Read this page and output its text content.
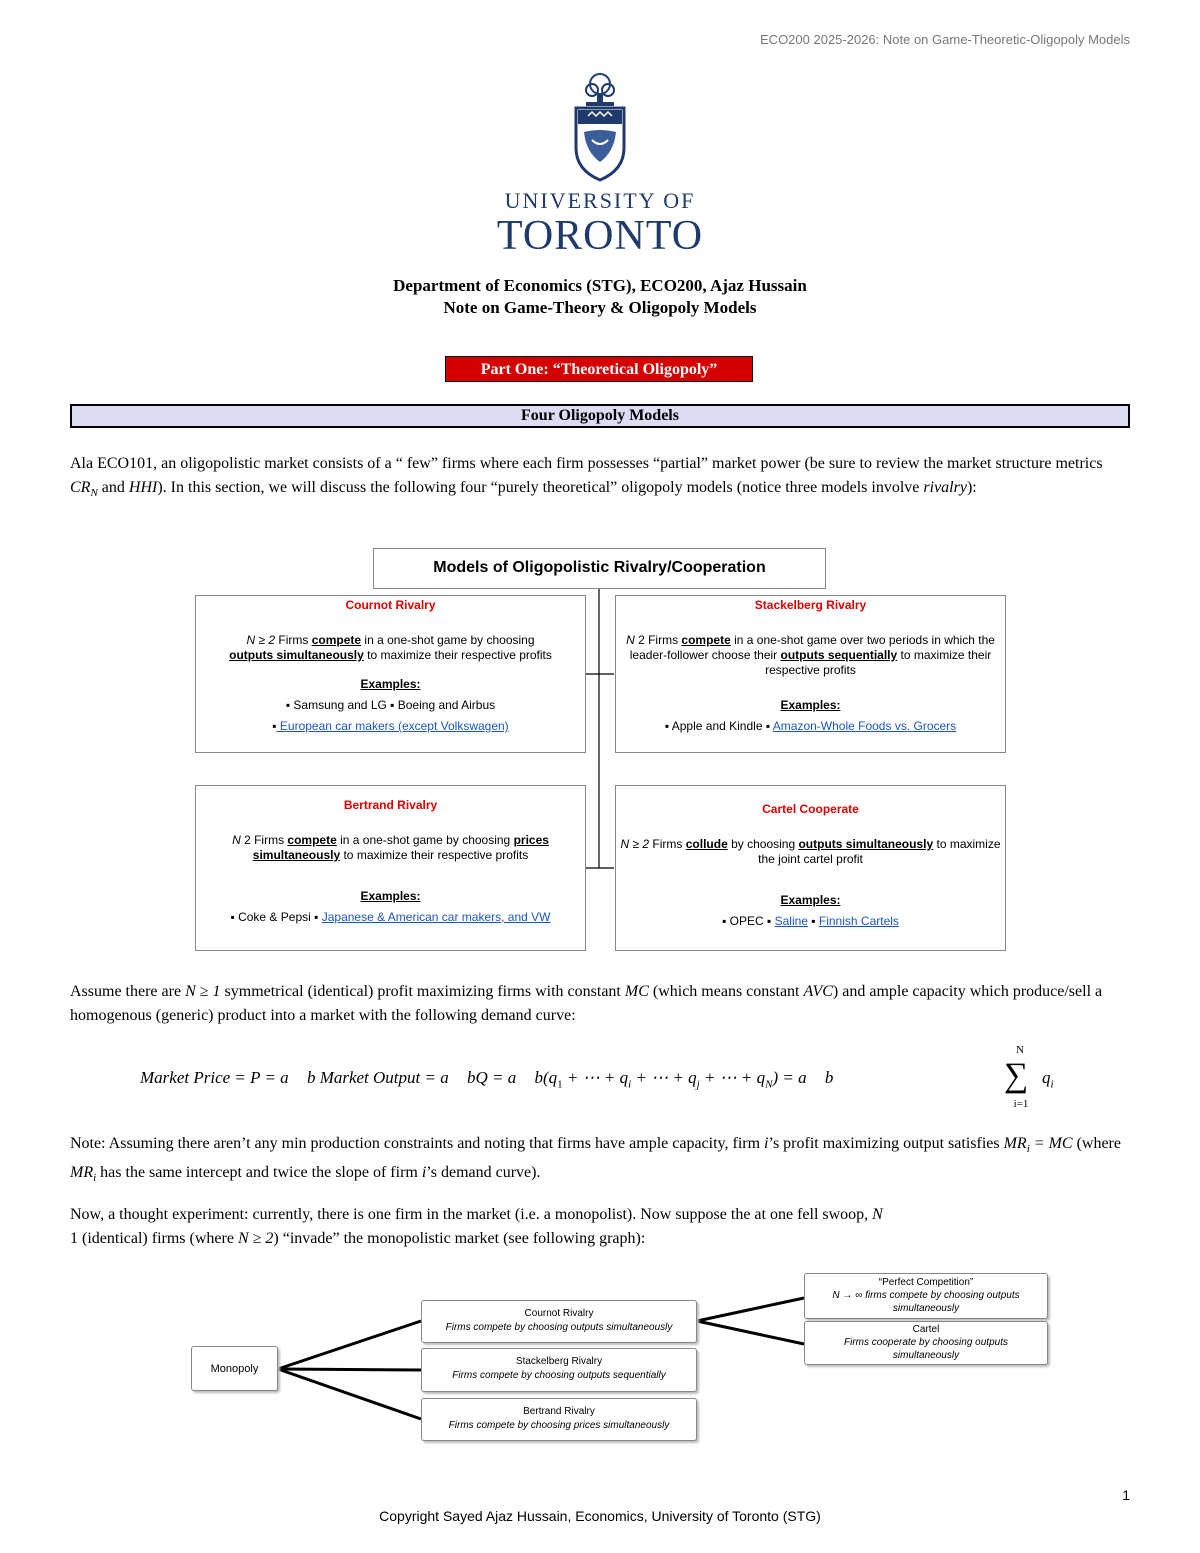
ECO200 2025-2026: Note on Game-Theoretic-Oligopoly Models
UNIVERSITY OF
TORONTO
Department of Economics (STG), ECO200, Ajaz Hussain
Note on Game-Theory & Oligopoly Models
Part One: “Theoretical Oligopoly”
Four Oligopoly Models
Ala ECO101, an oligopolistic market consists of a “ few” firms where each firm possesses “partial” market power (be sure to review the market structure metrics $CR_N$ and HHI). In this section, we will discuss the following four “purely theoretical” oligopoly models (notice three models involve rivalry):
Models of Oligopolistic Rivalry/Cooperation

Cournot Rivalry

N ≥ 2 Firms compete in a one-shot game by choosing

outputs simultaneously to maximize their respective profits

Examples:

▪ Samsung and LG ▪ Boeing and Airbus

▪ European car makers (except Volkswagen)

Stackelberg Rivalry

N 2 Firms compete in a one-shot game over two periods in which the leader-follower choose their outputs sequentially to maximize their respective profits

Examples:

▪ Apple and Kindle ▪ Amazon-Whole Foods vs. Grocers

Bertrand Rivalry

N 2 Firms compete in a one-shot game by choosing prices simultaneously to maximize their respective profits

Examples:

▪ Coke & Pepsi ▪ Japanese & American car makers, and VW

Cartel Cooperate

N ≥ 2 Firms collude by choosing outputs simultaneously to maximize the joint cartel profit

Examples:

▪ OPEC ▪ Saline ▪ Finnish Cartels

Assume there are N ≥ 1 symmetrical (identical) profit maximizing firms with constant MC (which means constant AVC) and ample capacity which produce/sell a homogenous (generic) product into a market with the following demand curve:
Market Price = P = a b Market Output = a bQ = a $b(q_1$ + ⋯ + $q_i$ + ⋯ + $q_j$ + ⋯ + $q_N) = a$ b
N
∑
i=1
$q_i$
Note: Assuming there aren’t any min production constraints and noting that firms have ample capacity, firm i’s profit maximizing output satisfies $MR_i$ = MC (where $MR_i$ has the same intercept and twice the slope of firm i’s demand curve).
Now, a thought experiment: currently, there is one firm in the market (i.e. a monopolist). Now suppose the at one fell swoop, N
1 (identical) firms (where N ≥ 2) “invade” the monopolistic market (see following graph):
Monopoly
Cournot Rivalry
Firms compete by choosing outputs simultaneously
Stackelberg Rivalry
Firms compete by choosing outputs sequentially
Bertrand Rivalry
Firms compete by choosing prices simultaneously
“Perfect Competition”
N → ∞ firms compete by choosing outputs simultaneously
Cartel
Firms cooperate by choosing outputs simultaneously
1
Copyright Sayed Ajaz Hussain, Economics, University of Toronto (STG)
